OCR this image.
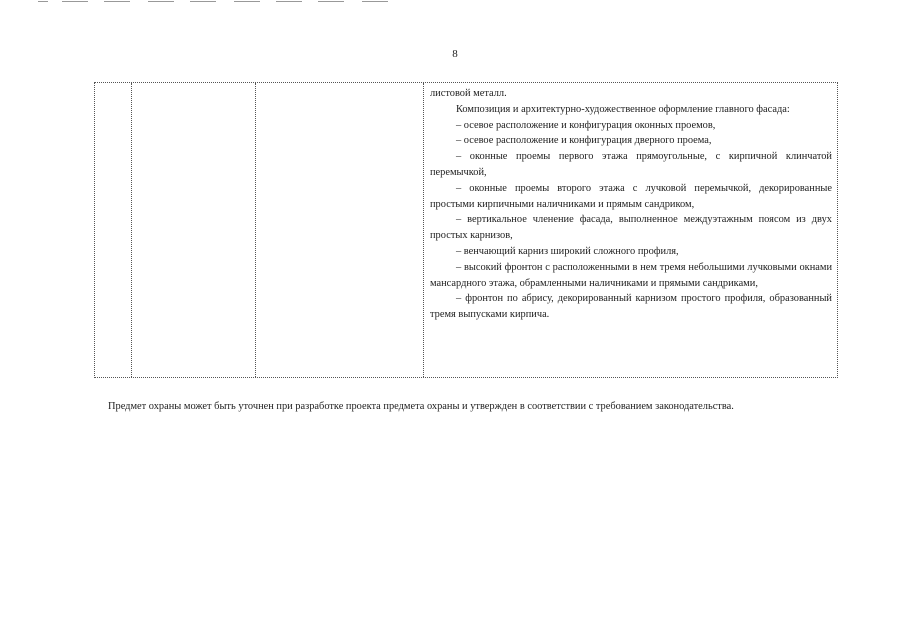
8

листовой металл.

Композиция и архитектурно-художественное оформление главного фасада:

– осевое расположение и конфигурация оконных проемов,

– осевое расположение и конфигурация дверного проема,

– оконные проемы первого этажа прямоугольные, с кирпичной клинчатой перемычкой,

– оконные проемы второго этажа с лучковой перемычкой, декорированные простыми кирпичными наличниками и прямым сандриком,

– вертикальное членение фасада, выполненное междуэтажным поясом из двух простых карнизов,

– венчающий карниз широкий сложного профиля,

– высокий фронтон с расположенными в нем тремя небольшими лучковыми окнами мансардного этажа, обрамленными наличниками и прямыми сандриками,

– фронтон по абрису, декорированный карнизом простого профиля, образованный тремя выпусками кирпича.

Предмет охраны может быть уточнен при разработке проекта предмета охраны и утвержден в соответствии с требованием законодательства.
